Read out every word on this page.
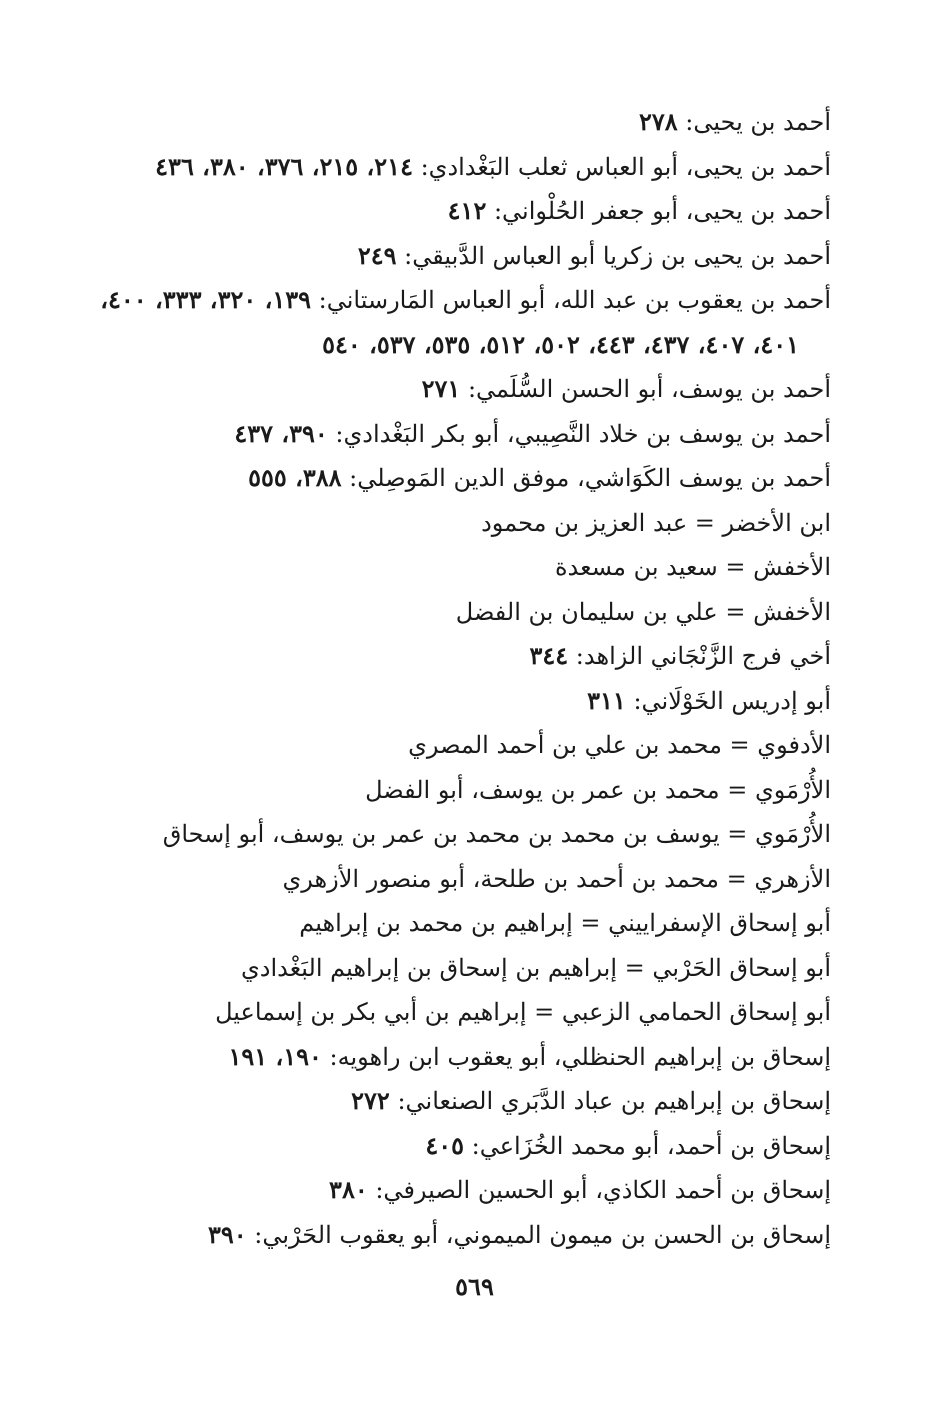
أحمد بن يحيى: ٢٧٨
أحمد بن يحيى، أبو العباس ثعلب البَغْدادي: ٢١٤، ٢١٥، ٣٧٦، ٣٨٠، ٤٣٦
أحمد بن يحيى، أبو جعفر الحُلْواني: ٤١٢
أحمد بن يحيى بن زكريا أبو العباس الدَّبيقي: ٢٤٩
أحمد بن يعقوب بن عبد الله، أبو العباس المَارستاني: ١٣٩، ٣٢٠، ٣٣٣، ٤٠٠،
٤٠١، ٤٠٧، ٤٣٧، ٤٤٣، ٥٠٢، ٥١٢، ٥٣٥، ٥٣٧، ٥٤٠
أحمد بن يوسف، أبو الحسن السُّلَمي: ٢٧١
أحمد بن يوسف بن خلاد النَّصِيبي، أبو بكر البَغْدادي: ٣٩٠، ٤٣٧
أحمد بن يوسف الكَوَاشي، موفق الدين المَوصِلي: ٣٨٨، ٥٥٥
ابن الأخضر = عبد العزيز بن محمود
الأخفش = سعيد بن مسعدة
الأخفش = علي بن سليمان بن الفضل
أخي فرج الزَّنْجَاني الزاهد: ٣٤٤
أبو إدريس الخَوْلَاني: ٣١١
الأدفوي = محمد بن علي بن أحمد المصري
الأُرْمَوي = محمد بن عمر بن يوسف، أبو الفضل
الأُرْمَوي = يوسف بن محمد بن محمد بن عمر بن يوسف، أبو إسحاق
الأزهري = محمد بن أحمد بن طلحة، أبو منصور الأزهري
أبو إسحاق الإسفراييني = إبراهيم بن محمد بن إبراهيم
أبو إسحاق الحَرْبي = إبراهيم بن إسحاق بن إبراهيم البَغْدادي
أبو إسحاق الحمامي الزعبي = إبراهيم بن أبي بكر بن إسماعيل
إسحاق بن إبراهيم الحنظلي، أبو يعقوب ابن راهويه: ١٩٠، ١٩١
إسحاق بن إبراهيم بن عباد الدَّبَري الصنعاني: ٢٧٢
إسحاق بن أحمد، أبو محمد الخُزَاعي: ٤٠٥
إسحاق بن أحمد الكاذي، أبو الحسين الصيرفي: ٣٨٠
إسحاق بن الحسن بن ميمون الميموني، أبو يعقوب الحَرْبي: ٣٩٠
٥٦٩
